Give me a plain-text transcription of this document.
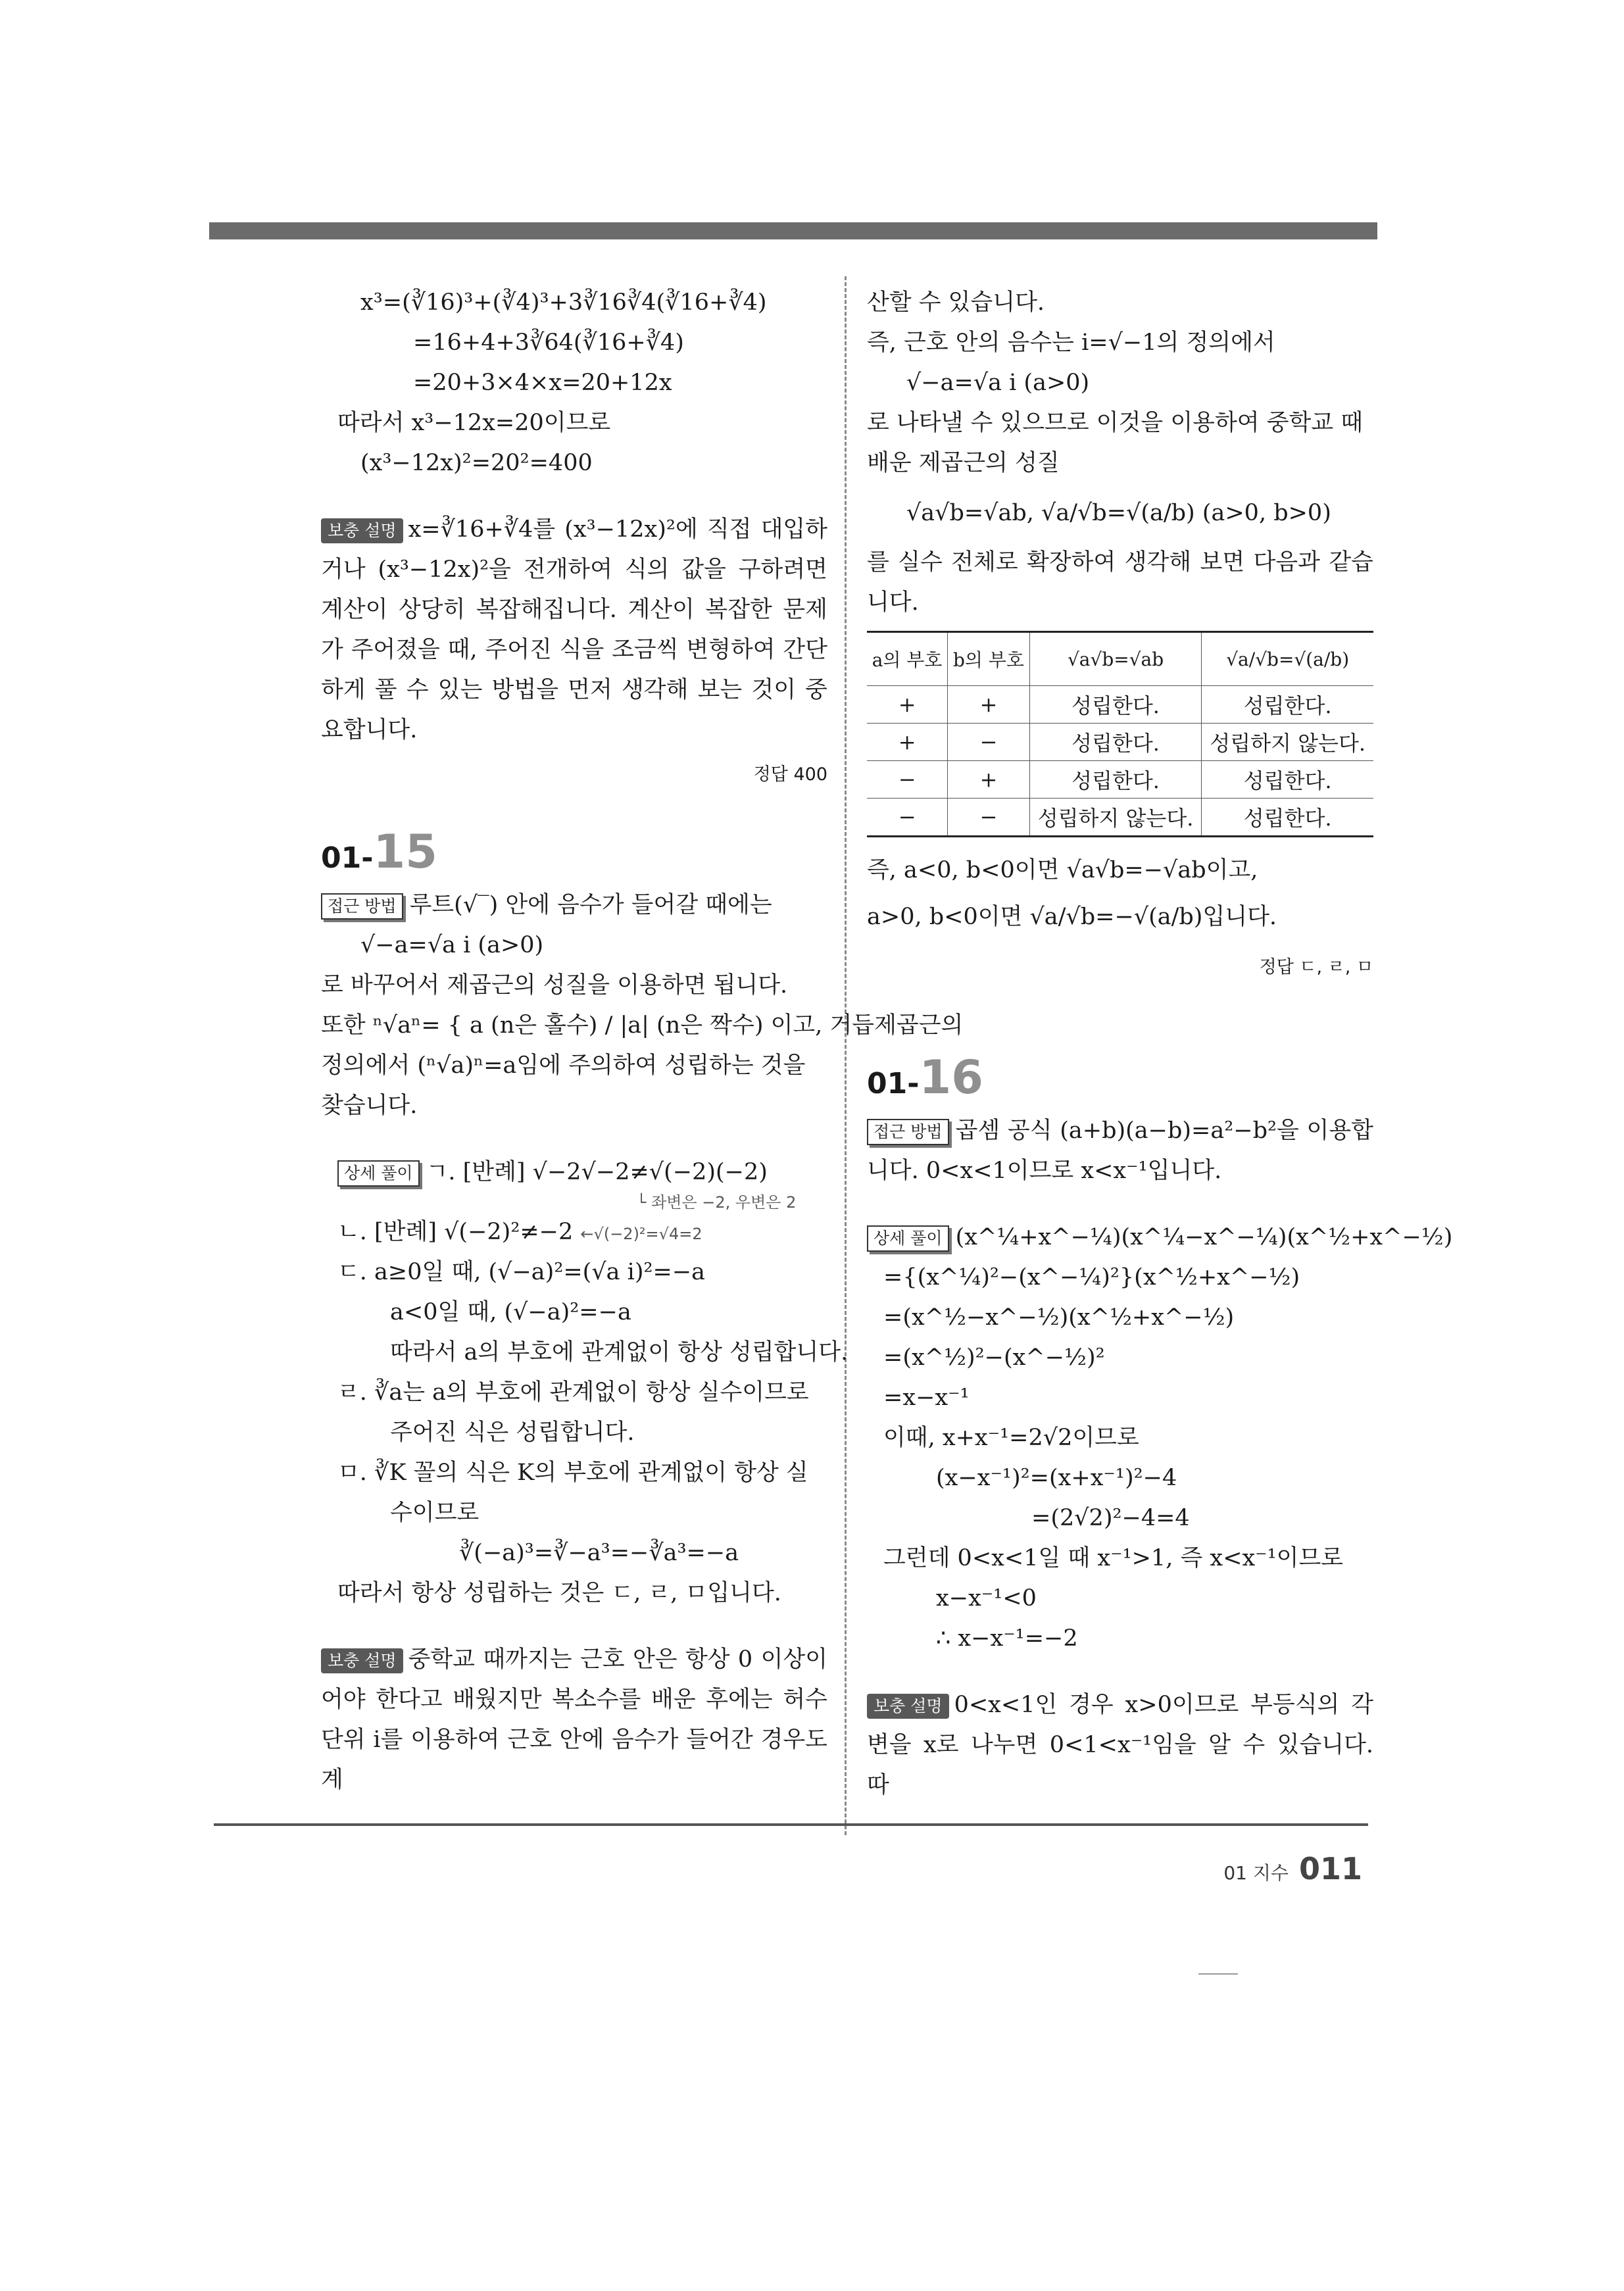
x³=(∛16)³+(∛4)³+3∛16∛4(∛16+∛4)
=16+4+3∛64(∛16+∛4)
=20+3×4×x=20+12x
따라서 x³−12x=20이므로
(x³−12x)²=20²=400
보충 설명 x=∛16+∛4를 (x³−12x)²에 직접 대입하거나 (x³−12x)²을 전개하여 식의 값을 구하려면 계산이 상당히 복잡해집니다. 계산이 복잡한 문제가 주어졌을 때, 주어진 식을 조금씩 변형하여 간단하게 풀 수 있는 방법을 먼저 생각해 보는 것이 중요합니다.
정답 400
01-15
접근 방법 루트(√‾) 안에 음수가 들어갈 때에는
√−a=√a i (a>0)
로 바꾸어서 제곱근의 성질을 이용하면 됩니다.
또한 ⁿ√aⁿ= { a (n은 홀수) / |a| (n은 짝수) 이고, 거듭제곱근의
정의에서 (ⁿ√a)ⁿ=a임에 주의하여 성립하는 것을
찾습니다.
상세 풀이 ㄱ. [반례] √−2√−2≠√(−2)(−2)
└ 좌변은 −2, 우변은 2
ㄴ. [반례] √(−2)²≠−2 ←√(−2)²=√4=2
ㄷ. a≥0일 때, (√−a)²=(√a i)²=−a
a<0일 때, (√−a)²=−a
따라서 a의 부호에 관계없이 항상 성립합니다.
ㄹ. ∛a는 a의 부호에 관계없이 항상 실수이므로
주어진 식은 성립합니다.
ㅁ. ∛K 꼴의 식은 K의 부호에 관계없이 항상 실
수이므로
∛(−a)³=∛−a³=−∛a³=−a
따라서 항상 성립하는 것은 ㄷ, ㄹ, ㅁ입니다.
보충 설명 중학교 때까지는 근호 안은 항상 0 이상이어야 한다고 배웠지만 복소수를 배운 후에는 허수 단위 i를 이용하여 근호 안에 음수가 들어간 경우도 계
산할 수 있습니다.
즉, 근호 안의 음수는 i=√−1의 정의에서
√−a=√a i (a>0)
로 나타낼 수 있으므로 이것을 이용하여 중학교 때
배운 제곱근의 성질
√a√b=√ab, √a/√b=√(a/b) (a>0, b>0)
를 실수 전체로 확장하여 생각해 보면 다음과 같습니다.
a의 부호	b의 부호	√a√b=√ab	√a/√b=√(a/b)
+	+	성립한다.	성립한다.
+	−	성립한다.	성립하지 않는다.
−	+	성립한다.	성립한다.
−	−	성립하지 않는다.	성립한다.
즉, a<0, b<0이면 √a√b=−√ab이고,
a>0, b<0이면 √a/√b=−√(a/b)입니다.
정답 ㄷ, ㄹ, ㅁ
01-16
접근 방법 곱셈 공식 (a+b)(a−b)=a²−b²을 이용합니다. 0<x<1이므로 x<x⁻¹입니다.
상세 풀이 (x^¼+x^−¼)(x^¼−x^−¼)(x^½+x^−½)
={(x^¼)²−(x^−¼)²}(x^½+x^−½)
=(x^½−x^−½)(x^½+x^−½)
=(x^½)²−(x^−½)²
=x−x⁻¹
이때, x+x⁻¹=2√2이므로
(x−x⁻¹)²=(x+x⁻¹)²−4
=(2√2)²−4=4
그런데 0<x<1일 때 x⁻¹>1, 즉 x<x⁻¹이므로
x−x⁻¹<0
∴ x−x⁻¹=−2
보충 설명 0<x<1인 경우 x>0이므로 부등식의 각 변을 x로 나누면 0<1<x⁻¹임을 알 수 있습니다. 따
01 지수 011
